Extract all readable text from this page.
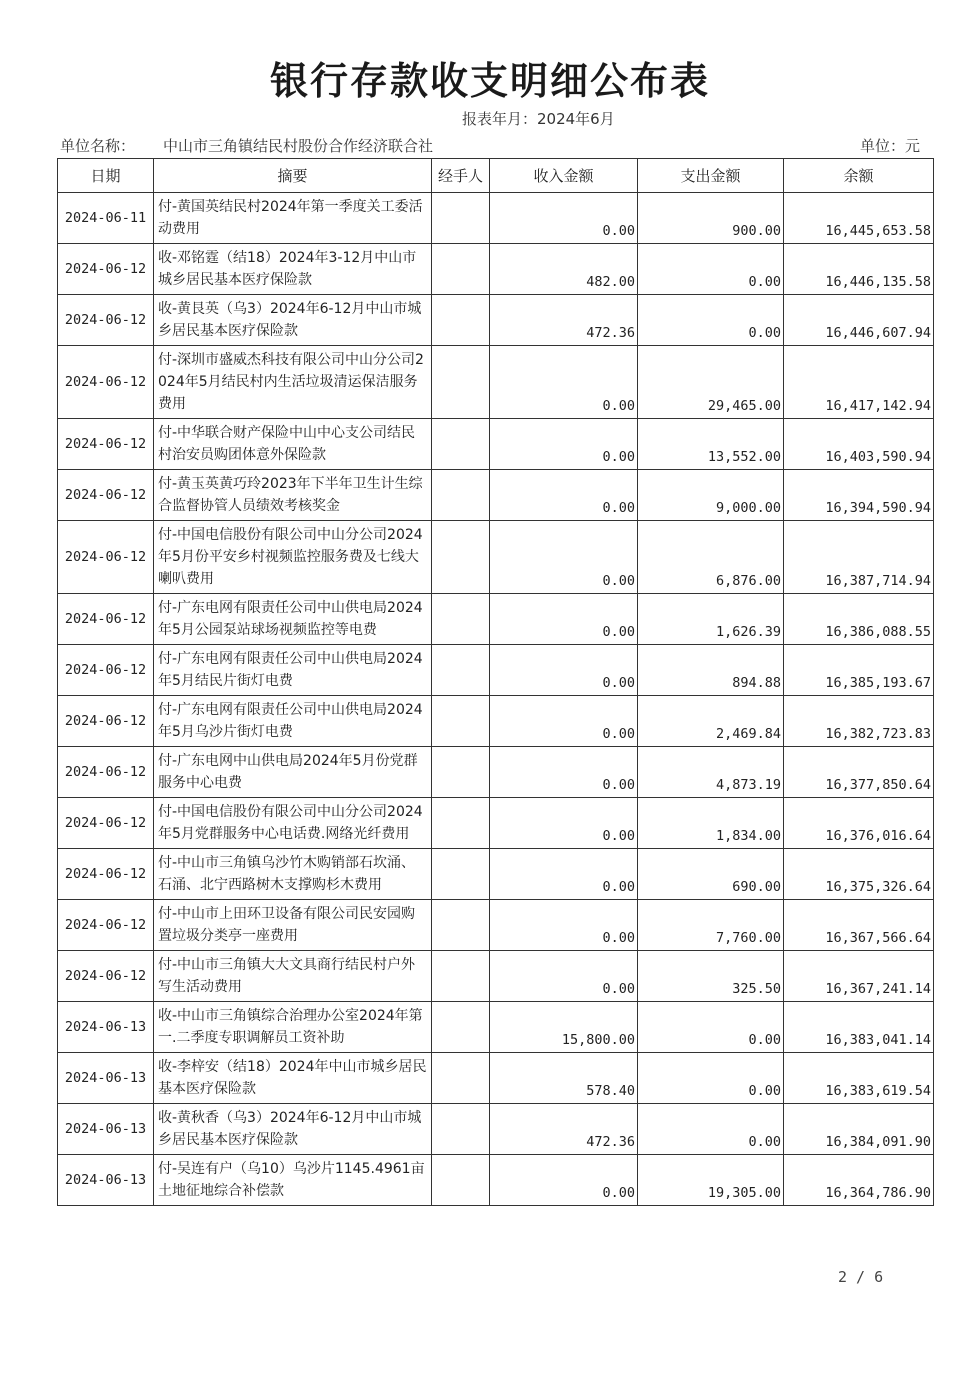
银行存款收支明细公布表
报表年月：2024年6月
单位名称： 中山市三角镇结民村股份合作经济联合社	单位：元
日期	摘要	经手人	收入金额	支出金额	余额
2024-06-11	付-黄国英结民村2024年第一季度关工委活动费用		0.00	900.00	16,445,653.58
2024-06-12	收-邓铭霆（结18）2024年3-12月中山市城乡居民基本医疗保险款		482.00	0.00	16,446,135.58
2024-06-12	收-黄艮英（乌3）2024年6-12月中山市城乡居民基本医疗保险款		472.36	0.00	16,446,607.94
2024-06-12	付-深圳市盛威杰科技有限公司中山分公司2024年5月结民村内生活垃圾清运保洁服务费用		0.00	29,465.00	16,417,142.94
2024-06-12	付-中华联合财产保险中山中心支公司结民村治安员购团体意外保险款		0.00	13,552.00	16,403,590.94
2024-06-12	付-黄玉英黄巧玲2023年下半年卫生计生综合监督协管人员绩效考核奖金		0.00	9,000.00	16,394,590.94
2024-06-12	付-中国电信股份有限公司中山分公司2024年5月份平安乡村视频监控服务费及七线大喇叭费用		0.00	6,876.00	16,387,714.94
2024-06-12	付-广东电网有限责任公司中山供电局2024年5月公园泵站球场视频监控等电费		0.00	1,626.39	16,386,088.55
2024-06-12	付-广东电网有限责任公司中山供电局2024年5月结民片街灯电费		0.00	894.88	16,385,193.67
2024-06-12	付-广东电网有限责任公司中山供电局2024年5月乌沙片街灯电费		0.00	2,469.84	16,382,723.83
2024-06-12	付-广东电网中山供电局2024年5月份党群服务中心电费		0.00	4,873.19	16,377,850.64
2024-06-12	付-中国电信股份有限公司中山分公司2024年5月党群服务中心电话费.网络光纤费用		0.00	1,834.00	16,376,016.64
2024-06-12	付-中山市三角镇乌沙竹木购销部石坎涌、石涌、北宁西路树木支撑购杉木费用		0.00	690.00	16,375,326.64
2024-06-12	付-中山市上田环卫设备有限公司民安园购置垃圾分类亭一座费用		0.00	7,760.00	16,367,566.64
2024-06-12	付-中山市三角镇大大文具商行结民村户外写生活动费用		0.00	325.50	16,367,241.14
2024-06-13	收-中山市三角镇综合治理办公室2024年第一.二季度专职调解员工资补助		15,800.00	0.00	16,383,041.14
2024-06-13	收-李梓安（结18）2024年中山市城乡居民基本医疗保险款		578.40	0.00	16,383,619.54
2024-06-13	收-黄秋香（乌3）2024年6-12月中山市城乡居民基本医疗保险款		472.36	0.00	16,384,091.90
2024-06-13	付-吴连有户（乌10）乌沙片1145.4961亩土地征地综合补偿款		0.00	19,305.00	16,364,786.90
2 / 6
